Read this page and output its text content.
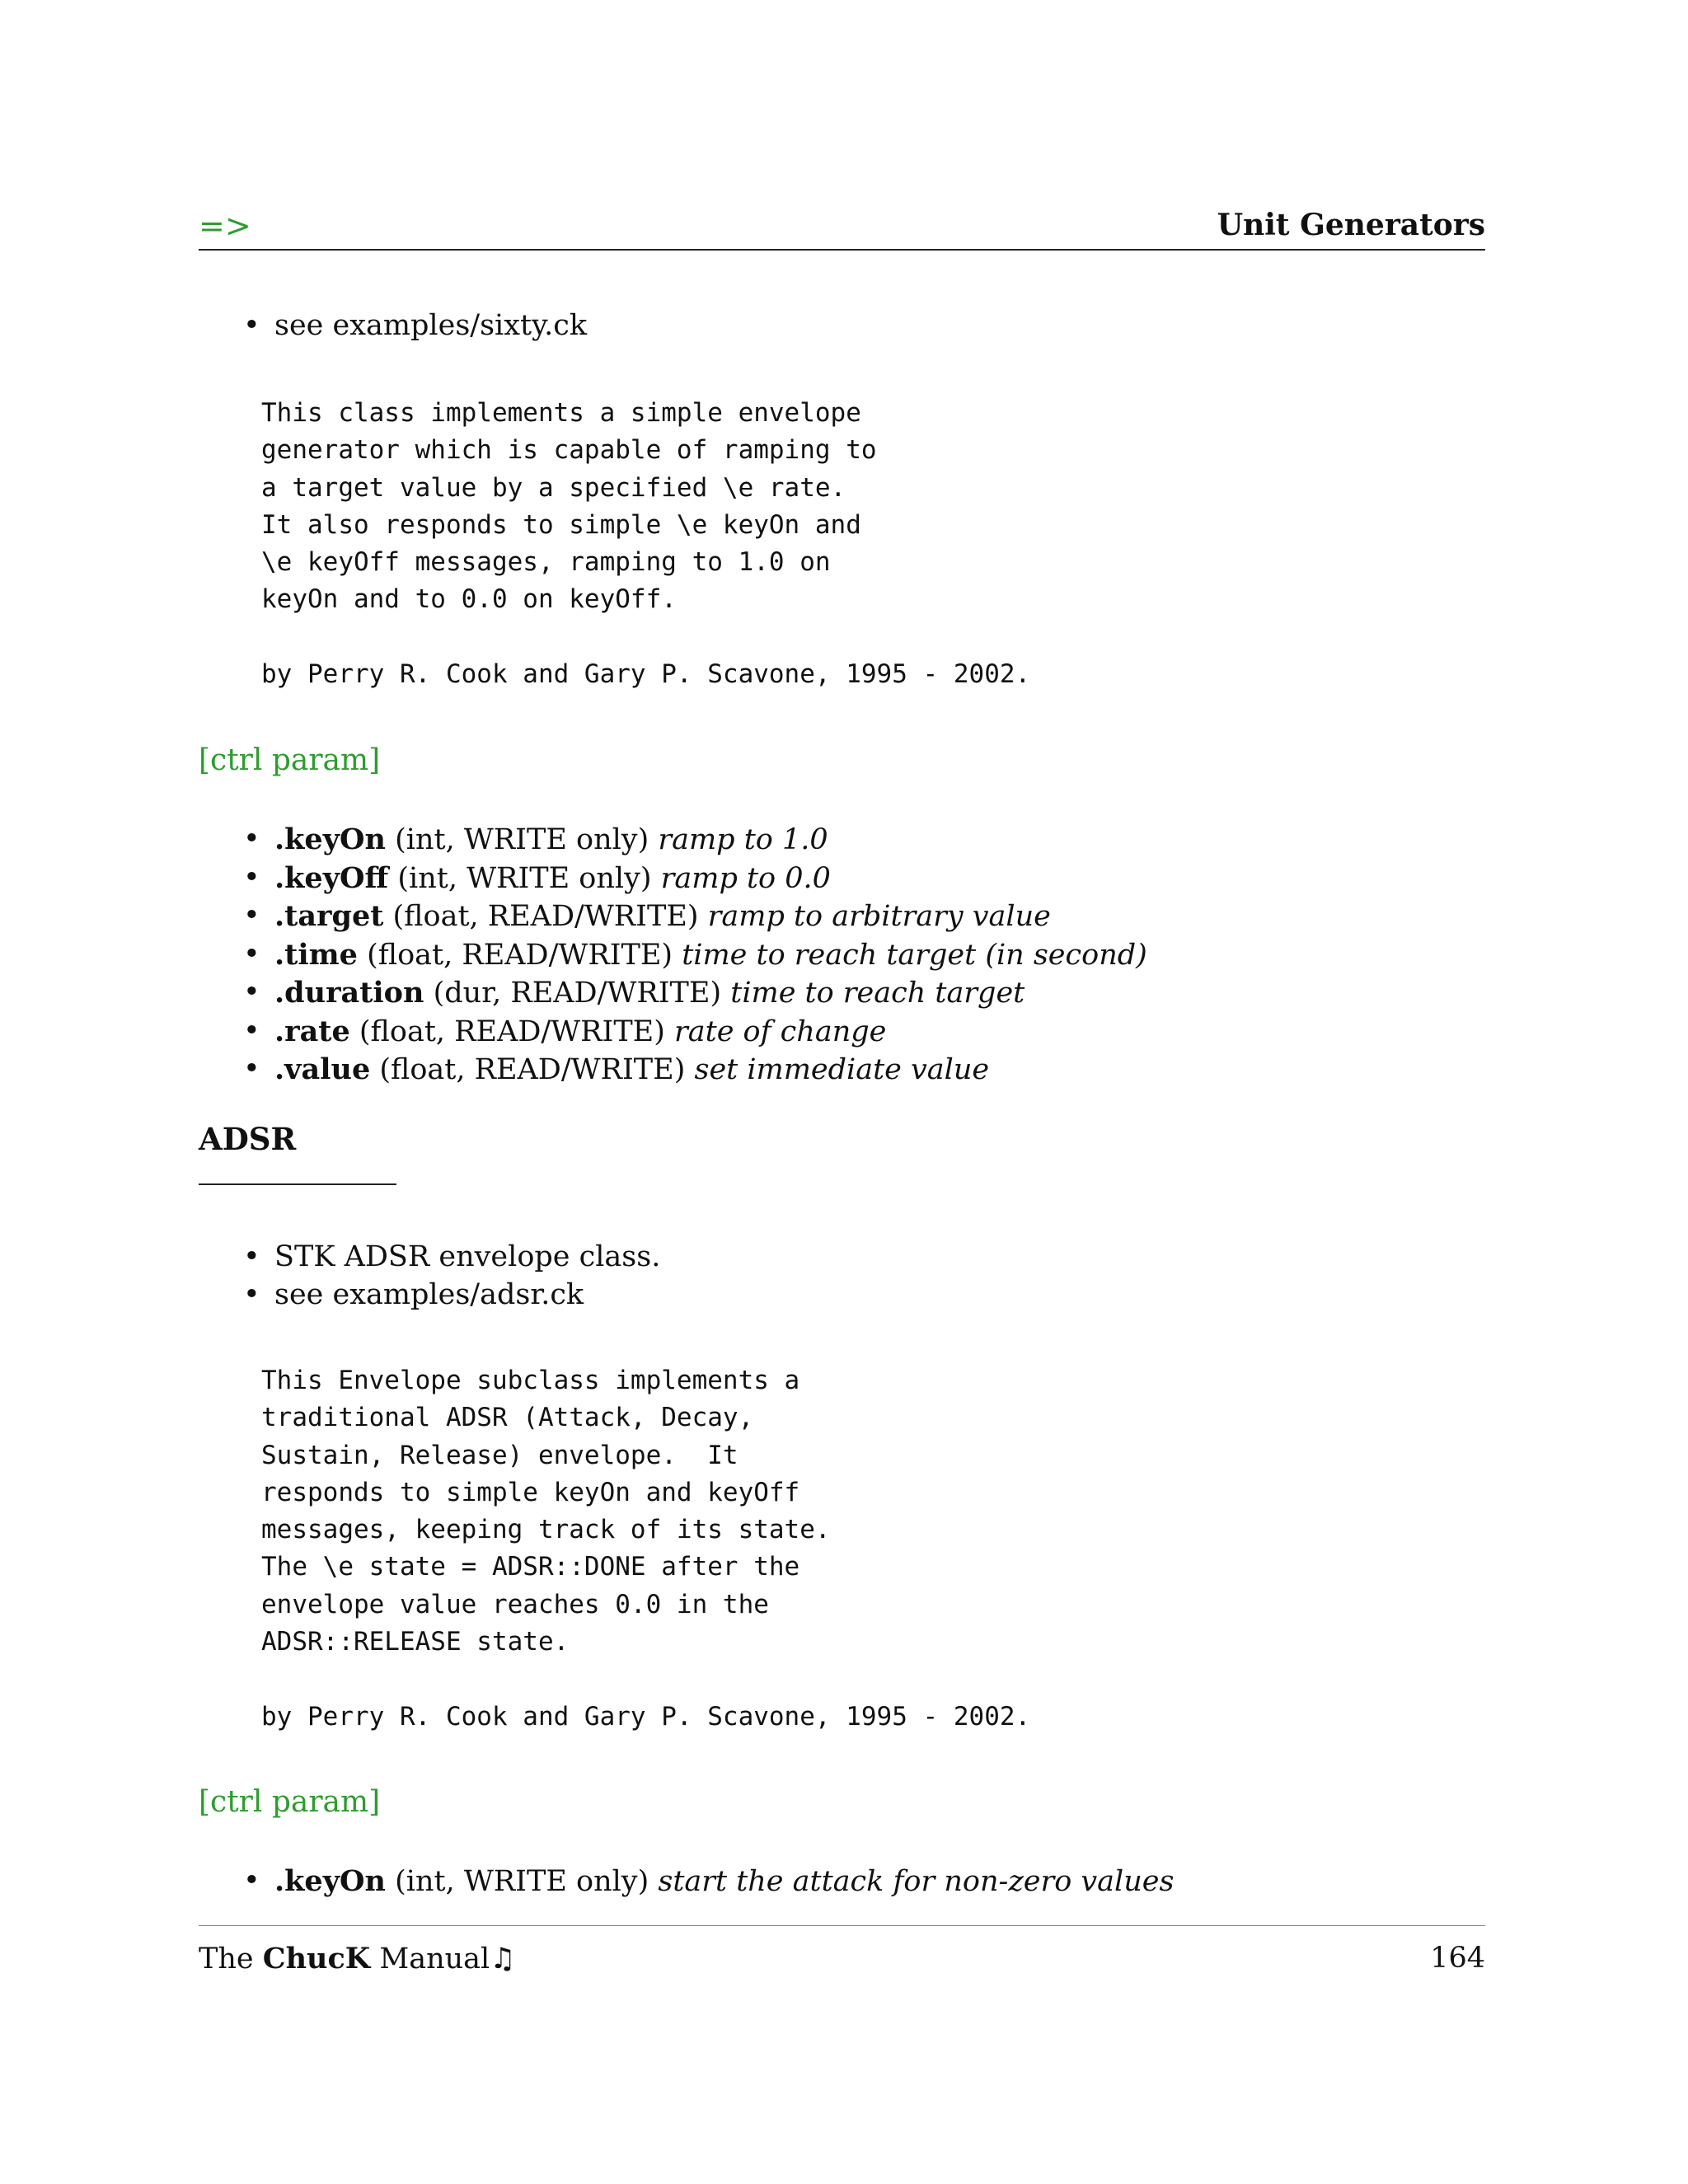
=>	Unit Generators
• see examples/sixty.ck
This class implements a simple envelope
generator which is capable of ramping to
a target value by a specified \e rate.
It also responds to simple \e keyOn and
\e keyOff messages, ramping to 1.0 on
keyOn and to 0.0 on keyOff.

by Perry R. Cook and Gary P. Scavone, 1995 - 2002.
[ctrl param]
• .keyOn (int, WRITE only) ramp to 1.0
• .keyOff (int, WRITE only) ramp to 0.0
• .target (float, READ/WRITE) ramp to arbitrary value
• .time (float, READ/WRITE) time to reach target (in second)
• .duration (dur, READ/WRITE) time to reach target
• .rate (float, READ/WRITE) rate of change
• .value (float, READ/WRITE) set immediate value
ADSR
• STK ADSR envelope class.
• see examples/adsr.ck
This Envelope subclass implements a
traditional ADSR (Attack, Decay,
Sustain, Release) envelope.  It
responds to simple keyOn and keyOff
messages, keeping track of its state.
The \e state = ADSR::DONE after the
envelope value reaches 0.0 in the
ADSR::RELEASE state.

by Perry R. Cook and Gary P. Scavone, 1995 - 2002.
[ctrl param]
• .keyOn (int, WRITE only) start the attack for non-zero values
The ChucK Manual♫	164
